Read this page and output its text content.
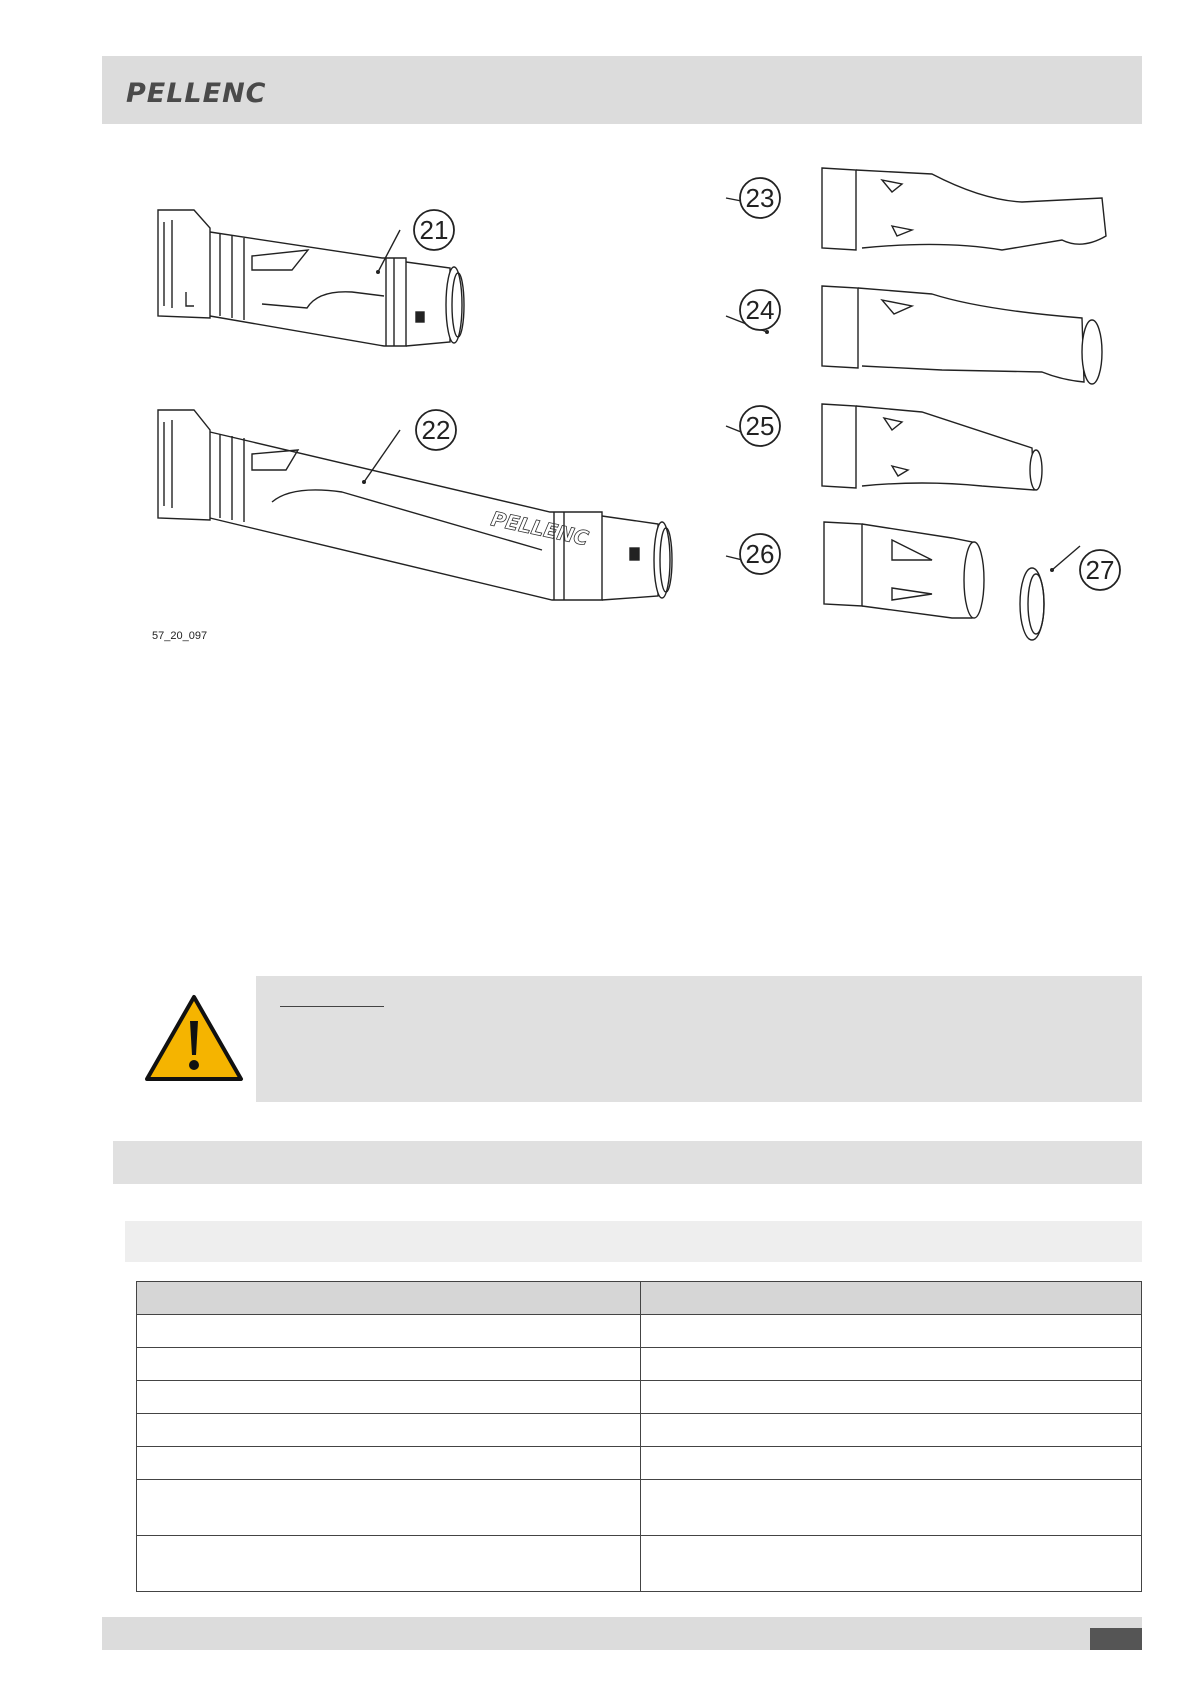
PELLENC
PELLENC
21
22
23
24
25
26
27
57_20_097
